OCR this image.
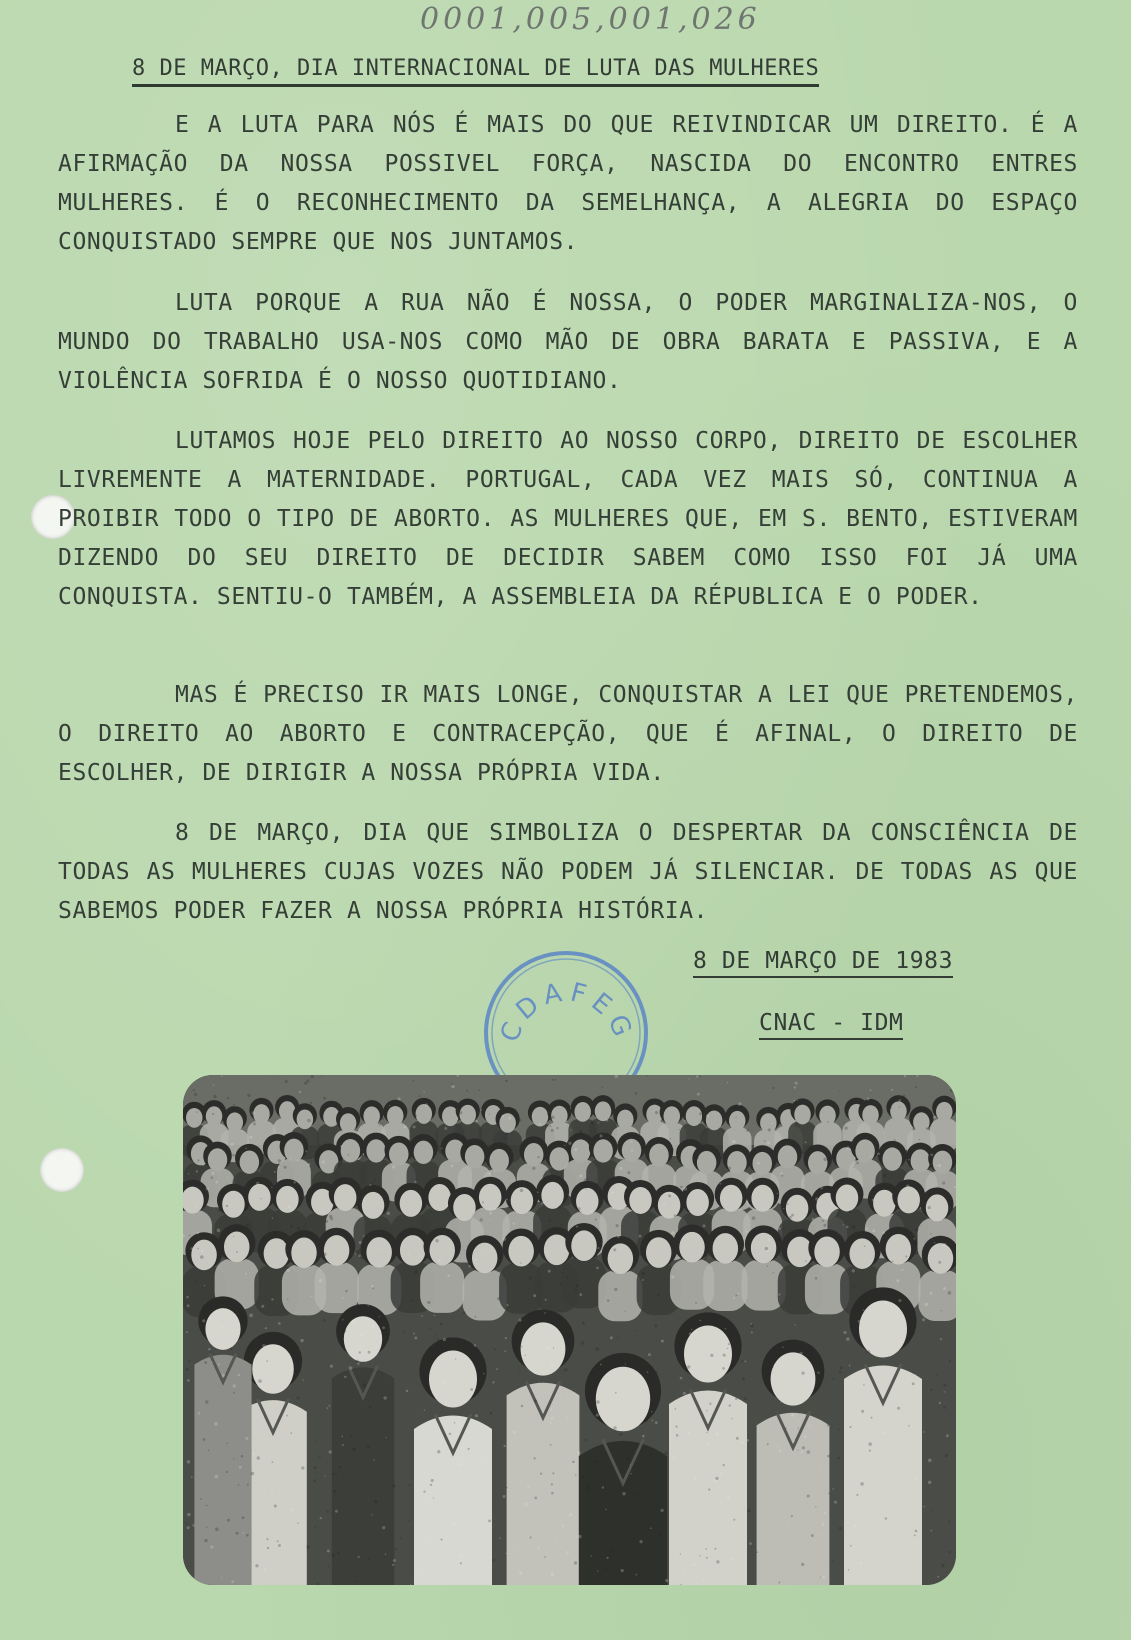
0001,005,001,026
8 DE MARÇO, DIA INTERNACIONAL DE LUTA DAS MULHERES

E A LUTA PARA NÓS É MAIS DO QUE REIVINDICAR UM DIREITO. É A AFIRMAÇÃO DA NOSSA POSSIVEL FORÇA, NASCIDA DO ENCONTRO ENTRES MULHERES. É O RECONHECIMENTO DA SEMELHANÇA, A ALEGRIA DO ESPAÇO CONQUISTADO SEMPRE QUE NOS JUNTAMOS.

LUTA PORQUE A RUA NÃO É NOSSA, O PODER MARGINALIZA-NOS, O MUNDO DO TRABALHO USA-NOS COMO MÃO DE OBRA BARATA E PASSIVA, E A VIOLÊNCIA SOFRIDA É O NOSSO QUOTIDIANO.

LUTAMOS HOJE PELO DIREITO AO NOSSO CORPO, DIREITO DE ESCOLHER LIVREMENTE A MATERNIDADE. PORTUGAL, CADA VEZ MAIS SÓ, CONTINUA A PROIBIR TODO O TIPO DE ABORTO. AS MULHERES QUE, EM S. BENTO, ESTIVERAM DIZENDO DO SEU DIREITO DE DECIDIR SABEM COMO ISSO FOI JÁ UMA CONQUISTA. SENTIU-O TAMBÉM, A ASSEMBLEIA DA RÉPUBLICA E O PODER.

MAS É PRECISO IR MAIS LONGE, CONQUISTAR A LEI QUE PRETENDEMOS, O DIREITO AO ABORTO E CONTRACEPÇÃO, QUE É AFINAL, O DIREITO DE ESCOLHER, DE DIRIGIR A NOSSA PRÓPRIA VIDA.

8 DE MARÇO, DIA QUE SIMBOLIZA O DESPERTAR DA CONSCIÊNCIA DE TODAS AS MULHERES CUJAS VOZES NÃO PODEM JÁ SILENCIAR. DE TODAS AS QUE SABEMOS PODER FAZER A NOSSA PRÓPRIA HISTÓRIA.

8 DE MARÇO DE 1983
CNAC - IDM
CDAFEG
